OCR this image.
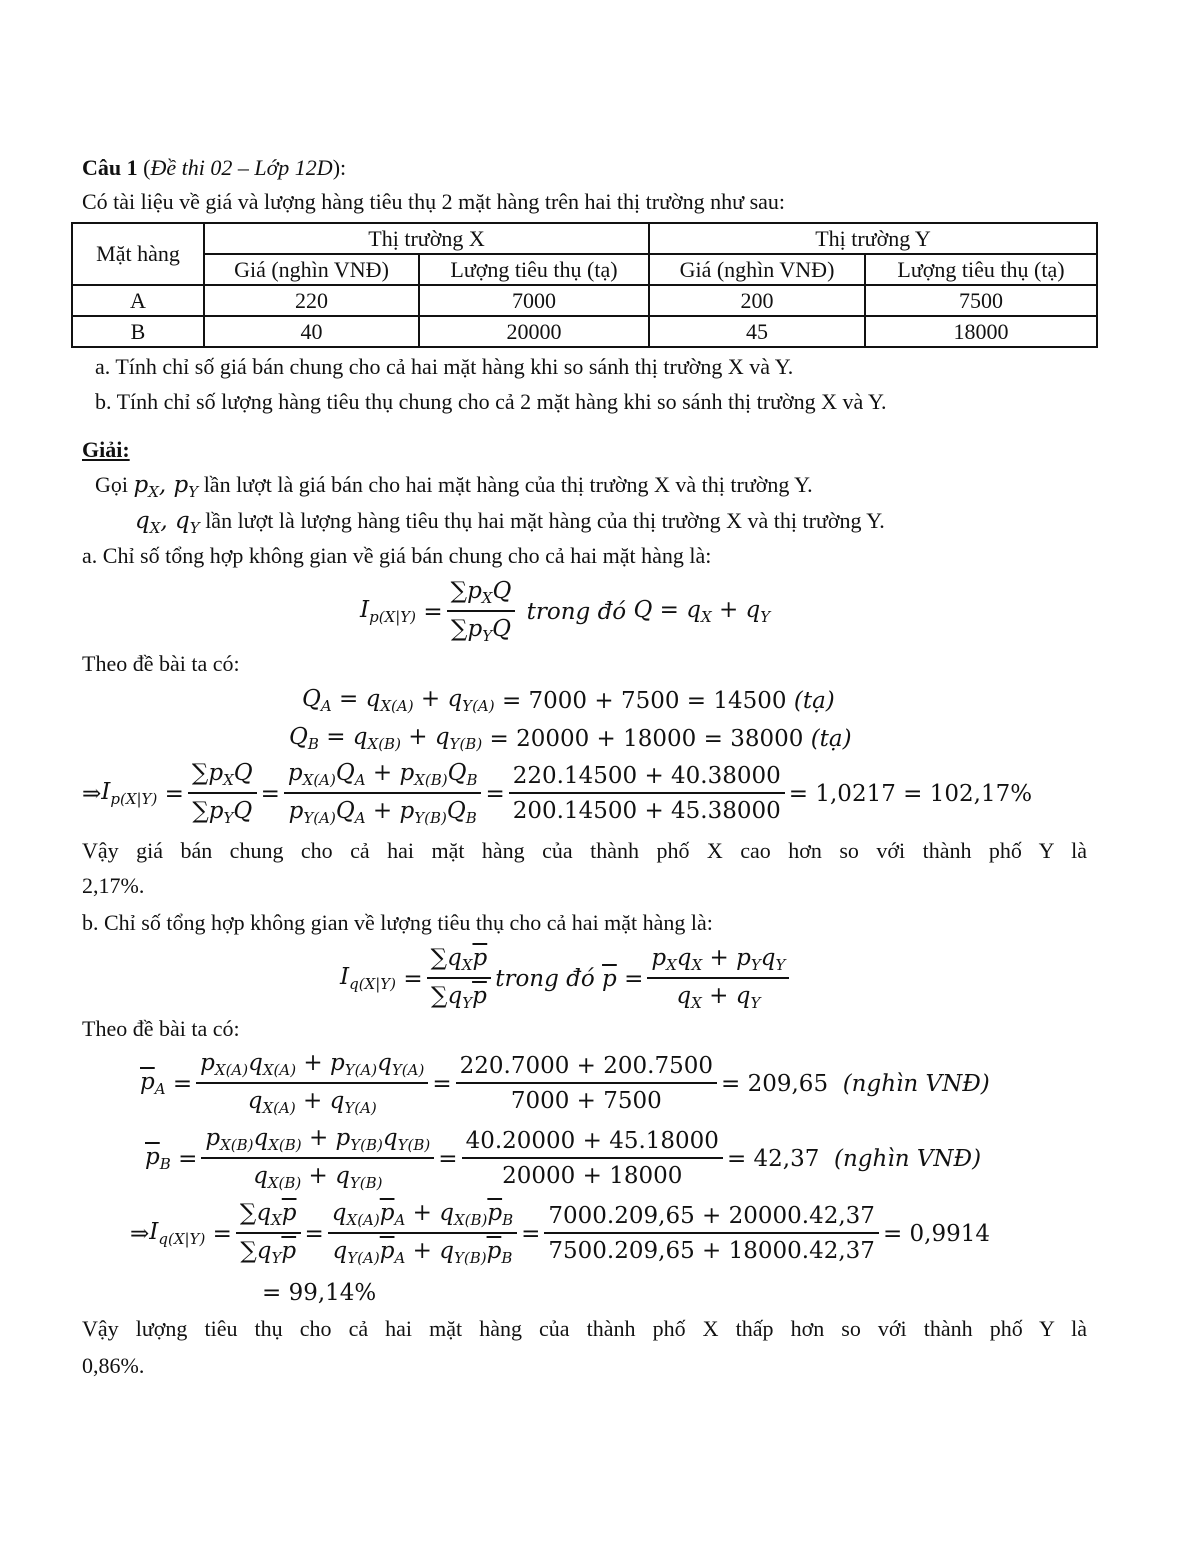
Câu 1 (Đề thi 02 – Lớp 12D):
Có tài liệu về giá và lượng hàng tiêu thụ 2 mặt hàng trên hai thị trường như sau:
Mặt hàng	Thị trường X		Thị trường Y	
	Giá (nghìn VNĐ)	Lượng tiêu thụ (tạ)	Giá (nghìn VNĐ)	Lượng tiêu thụ (tạ)
A	220	7000	200	7500
B	40	20000	45	18000
a. Tính chỉ số giá bán chung cho cả hai mặt hàng khi so sánh thị trường X và Y.
b. Tính chỉ số lượng hàng tiêu thụ chung cho cả 2 mặt hàng khi so sánh thị trường X và Y.
Giải:
Gọi $p_X$, $p_Y$ lần lượt là giá bán cho hai mặt hàng của thị trường X và thị trường Y.
$q_X$, $q_Y$ lần lượt là lượng hàng tiêu thụ hai mặt hàng của thị trường X và thị trường Y.
a. Chỉ số tổng hợp không gian về giá bán chung cho cả hai mặt hàng là:
$I_{p(X|Y)} = \frac{\sum p_XQ}{\sum p_YQ}$
trong đó
$Q = q_X + q_Y$
Theo đề bài ta có:
$Q_A = q_{X(A)} + q_{Y(A)}$
= 7000 + 7500 = 14500
(tạ)
$Q_B = q_{X(B)} + q_{Y(B)}$
= 20000 + 18000 = 38000
(tạ)
⇒ $I_{p(X|Y)} = \frac{\sum p_XQ}{\sum p_YQ} = \frac{p_{X(A)}Q_A + p_{X(B)}Q_B}{p_{Y(A)}Q_A + p_{Y(B)}Q_B} = \frac{220.14500 + 40.38000}{200.14500 + 45.38000} = 1,0217 = 102,17\%$
Vậy giá bán chung cho cả hai mặt hàng của thành phố X cao hơn so với thành phố Y là
2,17%.
b. Chỉ số tổng hợp không gian về lượng tiêu thụ cho cả hai mặt hàng là:
$I_{q(X|Y)} = \frac{\sum q_X\overline{p}}{\sum q_Y\overline{p}}$ trong đó
$\overline{p} = \frac{p_Xq_X + p_Yq_Y}{q_X + q_Y}$
Theo đề bài ta có:
$\overline{p}_A = \frac{p_{X(A)}q_{X(A)} + p_{Y(A)}q_{Y(A)}}{q_{X(A)} + q_{Y(A)}} = \frac{220.7000 + 200.7500}{7000 + 7500} = 209,65$
(nghìn VNĐ)
$\overline{p}_B = \frac{p_{X(B)}q_{X(B)} + p_{Y(B)}q_{Y(B)}}{q_{X(B)} + q_{Y(B)}} = \frac{40.20000 + 45.18000}{20000 + 18000} = 42,37$
(nghìn VNĐ)
⇒ $I_{q(X|Y)} = \frac{\sum q_X\overline{p}}{\sum q_Y\overline{p}} = \frac{q_{X(A)}\overline{p}_A + q_{X(B)}\overline{p}_B}{q_{Y(A)}\overline{p}_A + q_{Y(B)}\overline{p}_B} = \frac{7000.209,65 + 20000.42,37}{7500.209,65 + 18000.42,37} = 0,9914$
= 99,14%
Vậy lượng tiêu thụ cho cả hai mặt hàng của thành phố X thấp hơn so với thành phố Y là
0,86%.
